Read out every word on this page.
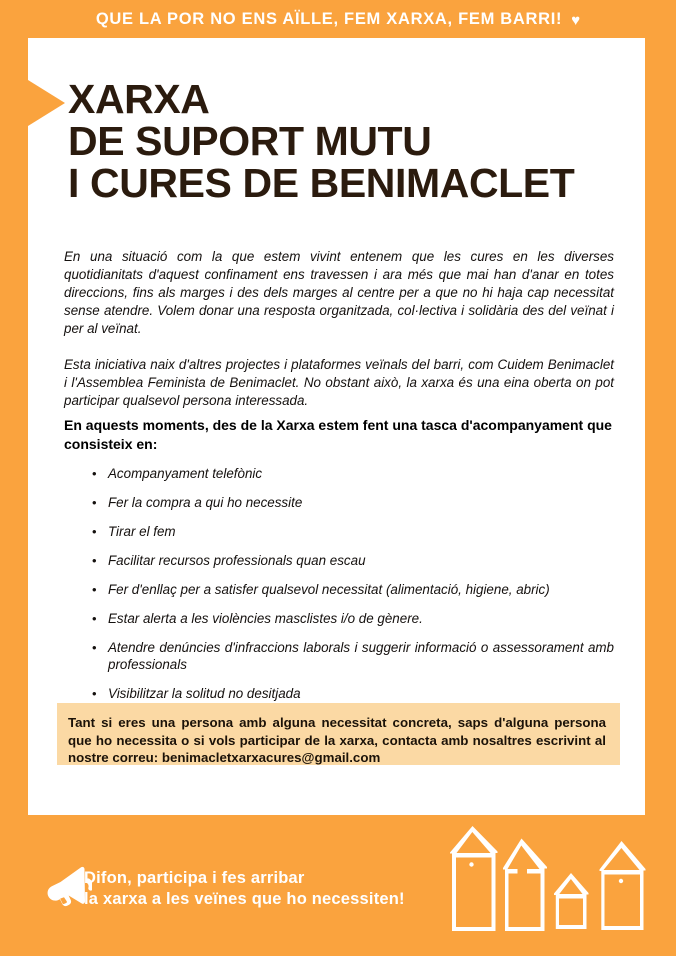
QUE LA POR NO ENS AÏLLE, FEM XARXA, FEM BARRI! ♥
XARXA
DE SUPORT MUTU
I CURES DE BENIMACLET

En una situació com la que estem vivint entenem que les cures en les diverses quotidianitats d'aquest confinament ens travessen i ara més que mai han d'anar en totes direccions, fins als marges i des dels marges al centre per a que no hi haja cap necessitat sense atendre. Volem donar una resposta organitzada, col·lectiva i solidària des del veïnat i per al veïnat.

Esta iniciativa naix d'altres projectes i plataformes veïnals del barri, com Cuidem Benimaclet i l'Assemblea Feminista de Benimaclet. No obstant això, la xarxa és una eina oberta on pot participar qualsevol persona interessada.

En aquests moments, des de la Xarxa estem fent una tasca d'acompanyament que consisteix en:

• Acompanyament telefònic
• Fer la compra a qui ho necessite
• Tirar el fem
• Facilitar recursos professionals quan escau
• Fer d'enllaç per a satisfer qualsevol necessitat (alimentació, higiene, abric)
• Estar alerta a les violències masclistes i/o de gènere.
• Atendre denúncies d'infraccions laborals i suggerir informació o assessorament amb professionals
• Visibilitzar la solitud no desitjada

Tant si eres una persona amb alguna necessitat concreta, saps d'alguna persona que ho necessita o si vols participar de la xarxa, contacta amb nosaltres escrivint al nostre correu: benimacletxarxacures@gmail.com

Difon, participa i fes arribar
la xarxa a les veïnes que ho necessiten!
